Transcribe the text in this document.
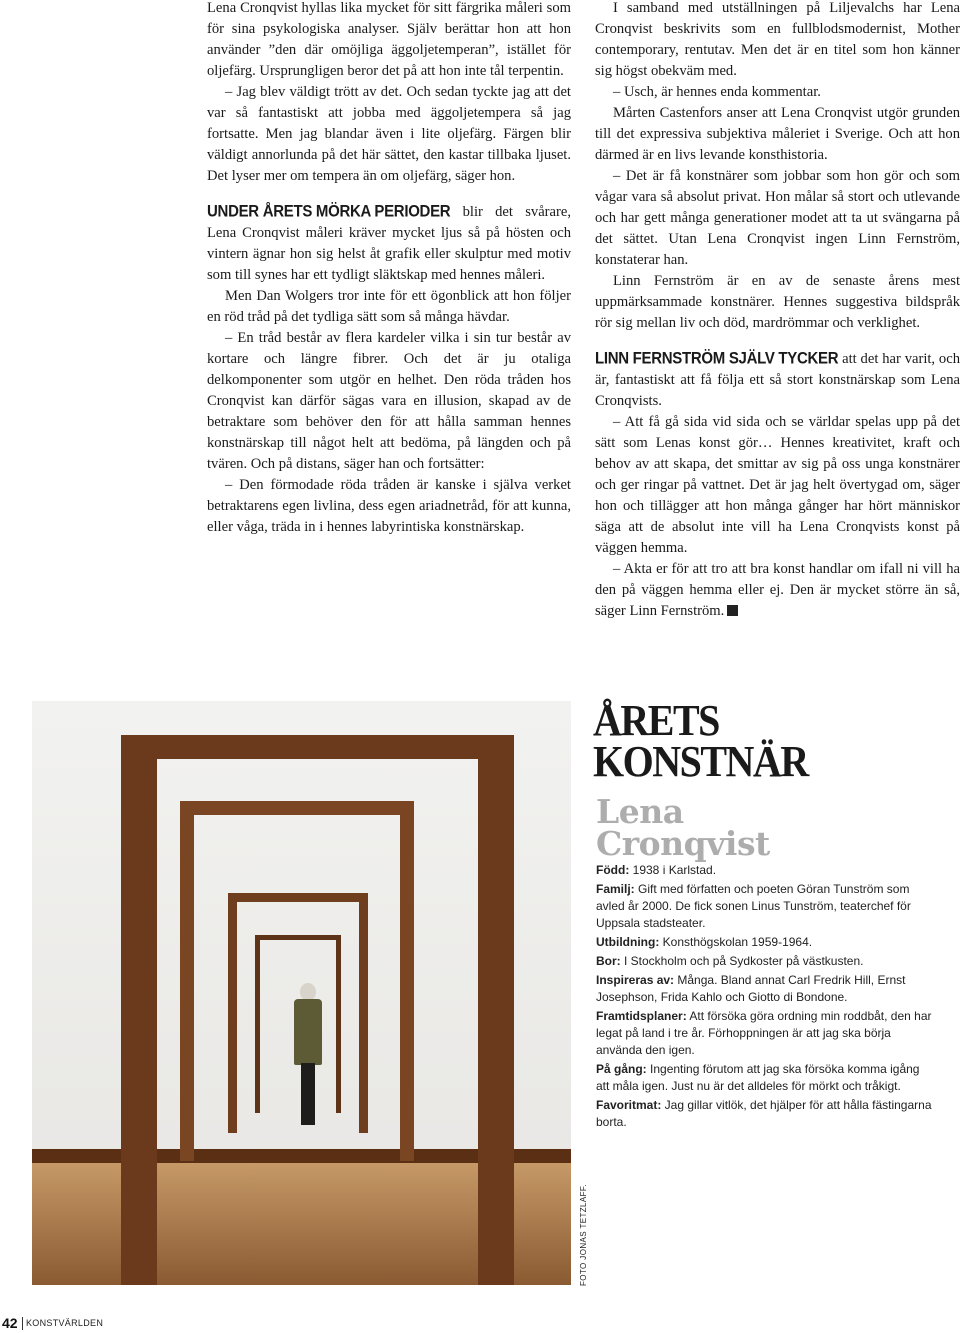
Lena Cronqvist hyllas lika mycket för sitt färgrika måleri som för sina psykologiska analyser. Själv berättar hon att hon använder ”den där omöjliga äggoljetemperan”, istället för oljefärg. Ursprungligen beror det på att hon inte tål terpentin.

– Jag blev väldigt trött av det. Och sedan tyckte jag att det var så fantastiskt att jobba med äggoljetempera så jag fortsatte. Men jag blandar även i lite oljefärg. Färgen blir väldigt annorlunda på det här sättet, den kastar tillbaka ljuset. Det lyser mer om tempera än om oljefärg, säger hon.

UNDER ÅRETS MÖRKA PERIODER blir det svårare, Lena Cronqvist måleri kräver mycket ljus så på hösten och vintern ägnar hon sig helst åt grafik eller skulptur med motiv som till synes har ett tydligt släktskap med hennes måleri.

Men Dan Wolgers tror inte för ett ögonblick att hon följer en röd tråd på det tydliga sätt som så många hävdar.

– En tråd består av flera kardeler vilka i sin tur består av kortare och längre fibrer. Och det är ju otaliga delkomponenter som utgör en helhet. Den röda tråden hos Cronqvist kan därför sägas vara en illusion, skapad av de betraktare som behöver den för att hålla samman hennes konstnärskap till något helt att bedöma, på längden och på tvären. Och på distans, säger han och fortsätter:

– Den förmodade röda tråden är kanske i själva verket betraktarens egen livlina, dess egen ariadnetråd, för att kunna, eller våga, träda in i hennes labyrintiska konstnärskap.

I samband med utställningen på Liljevalchs har Lena Cronqvist beskrivits som en fullblodsmodernist, Mother contemporary, rentutav. Men det är en titel som hon känner sig högst obekväm med.

– Usch, är hennes enda kommentar.

Mårten Castenfors anser att Lena Cronqvist utgör grunden till det expressiva subjektiva måleriet i Sverige. Och att hon därmed är en livs levande konsthistoria.

– Det är få konstnärer som jobbar som hon gör och som vågar vara så absolut privat. Hon målar så stort och utlevande och har gett många generationer modet att ta ut svängarna på det sättet. Utan Lena Cronqvist ingen Linn Fernström, konstaterar han.

Linn Fernström är en av de senaste årens mest uppmärksammade konstnärer. Hennes suggestiva bildspråk rör sig mellan liv och död, mardrömmar och verklighet.

LINN FERNSTRÖM SJÄLV TYCKER att det har varit, och är, fantastiskt att få följa ett så stort konstnärskap som Lena Cronqvists.

– Att få gå sida vid sida och se världar spelas upp på det sätt som Lenas konst gör… Hennes kreativitet, kraft och behov av att skapa, det smittar av sig på oss unga konstnärer och ger ringar på vattnet. Det är jag helt övertygad om, säger hon och tillägger att hon många gånger har hört människor säga att de absolut inte vill ha Lena Cronqvists konst på väggen hemma.

– Akta er för att tro att bra konst handlar om ifall ni vill ha den på väggen hemma eller ej. Den är mycket större än så, säger Linn Fernström.

FOTO JONAS TETZLAFF.
ÅRETS
KONSTNÄR
Lena
Cronqvist

Född: 1938 i Karlstad.

Familj: Gift med författen och poeten Göran Tunström som avled år 2000. De fick sonen Linus Tunström, teaterchef för Uppsala stadsteater.

Utbildning: Konsthögskolan 1959-1964.

Bor: I Stockholm och på Sydkoster på västkusten.

Inspireras av: Många. Bland annat Carl Fredrik Hill, Ernst Josephson, Frida Kahlo och Giotto di Bondone.

Framtidsplaner: Att försöka göra ordning min roddbåt, den har legat på land i tre år. Förhoppningen är att jag ska börja använda den igen.

På gång: Ingenting förutom att jag ska försöka komma igång att måla igen. Just nu är det alldeles för mörkt och tråkigt.

Favoritmat: Jag gillar vitlök, det hjälper för att hålla fästingarna borta.

42 KONSTVÄRLDEN
